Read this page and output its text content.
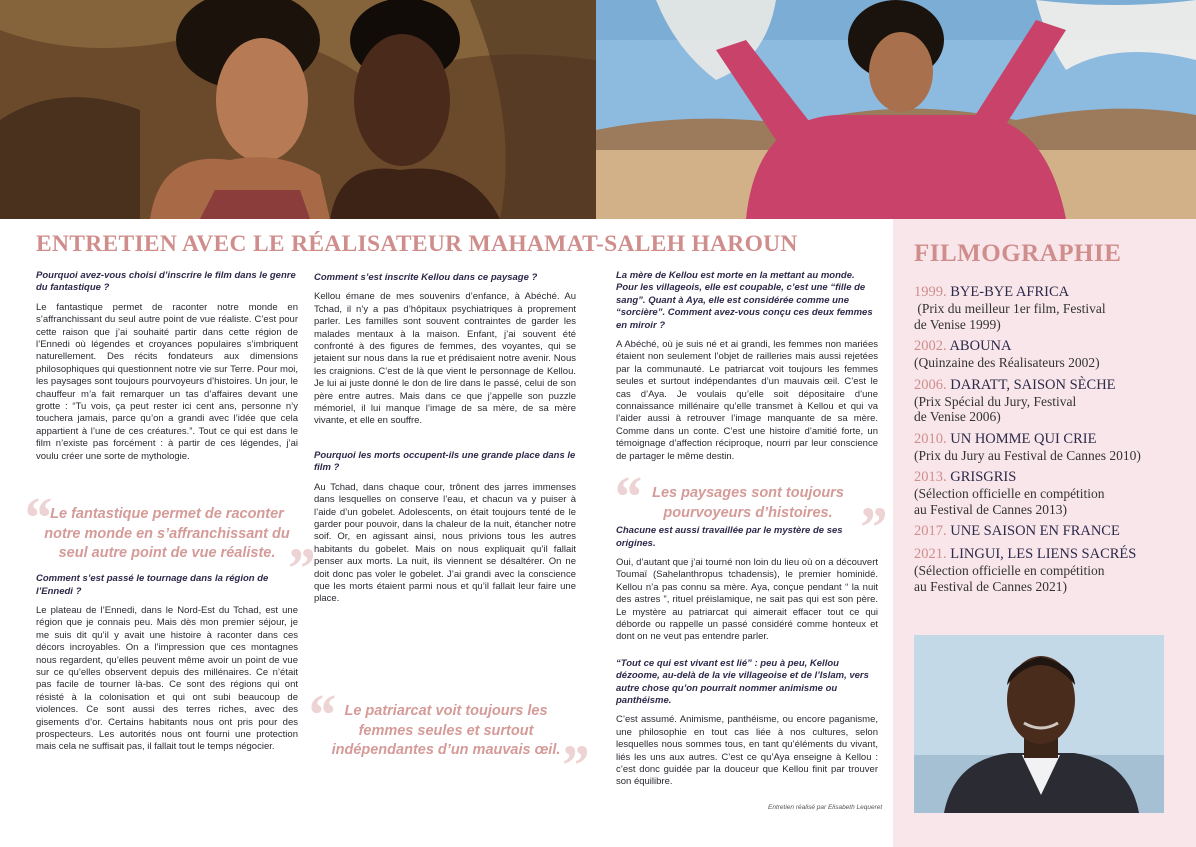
ENTRETIEN AVEC LE RÉALISATEUR MAHAMAT-SALEH HAROUN

Pourquoi avez-vous choisi d’inscrire le film dans le genre du fantastique ?

Le fantastique permet de raconter notre monde en s’affranchissant du seul autre point de vue réaliste. C’est pour cette raison que j’ai souhaité partir dans cette région de l’Ennedi où légendes et croyances populaires s’imbriquent naturellement. Des récits fondateurs aux dimensions philosophiques qui questionnent notre vie sur Terre. Pour moi, les paysages sont toujours pourvoyeurs d’histoires. Un jour, le chauffeur m’a fait remarquer un tas d’affaires devant une grotte : “Tu vois, ça peut rester ici cent ans, personne n’y touchera jamais, parce qu’on a grandi avec l’idée que cela appartient à l’une de ces créatures.”. Tout ce qui est dans le film n’existe pas forcément : à partir de ces légendes, j’ai voulu créer une sorte de mythologie.

Comment s’est passé le tournage dans la région de l’Ennedi ?

Le plateau de l’Ennedi, dans le Nord-Est du Tchad, est une région que je connais peu. Mais dès mon premier séjour, je me suis dit qu’il y avait une histoire à raconter dans ces décors incroyables. On a l’impression que ces montagnes nous regardent, qu’elles peuvent même avoir un point de vue sur ce qu’elles observent depuis des millénaires. Ce n’était pas facile de tourner là-bas. Ce sont des régions qui ont résisté à la colonisation et qui ont subi beaucoup de violences. Ce sont aussi des terres riches, avec des gisements d’or. Certains habitants nous ont pris pour des prospecteurs. Les autorités nous ont fourni une protection mais cela ne suffisait pas, il fallait tout le temps négocier.

Comment s’est inscrite Kellou dans ce paysage ?

Kellou émane de mes souvenirs d’enfance, à Abéché. Au Tchad, il n’y a pas d’hôpitaux psychiatriques à proprement parler. Les familles sont souvent contraintes de garder les malades mentaux à la maison. Enfant, j’ai souvent été confronté à des figures de femmes, des voyantes, qui se jetaient sur nous dans la rue et prédisaient notre avenir. Nous les craignions. C’est de là que vient le personnage de Kellou. Je lui ai juste donné le don de lire dans le passé, celui de son père entre autres. Mais dans ce que j’appelle son puzzle mémoriel, il lui manque l’image de sa mère, de sa mère vivante, et elle en souffre.

Pourquoi les morts occupent-ils une grande place dans le film ?

Au Tchad, dans chaque cour, trônent des jarres immenses dans lesquelles on conserve l’eau, et chacun va y puiser à l’aide d’un gobelet. Adolescents, on était toujours tenté de le garder pour pouvoir, dans la chaleur de la nuit, étancher notre soif. Or, en agissant ainsi, nous privions tous les autres habitants du gobelet. Mais on nous expliquait qu’il fallait penser aux morts. La nuit, ils viennent se désaltérer. On ne doit donc pas voler le gobelet. J’ai grandi avec la conscience que les morts étaient parmi nous et qu’il fallait leur faire une place.

La mère de Kellou est morte en la mettant au monde. Pour les villageois, elle est coupable, c’est une “fille de sang”. Quant à Aya, elle est considérée comme une “sorcière”. Comment avez-vous conçu ces deux femmes en miroir ?

A Abéché, où je suis né et ai grandi, les femmes non mariées étaient non seulement l’objet de railleries mais aussi rejetées par la communauté. Le patriarcat voit toujours les femmes seules et surtout indépendantes d’un mauvais œil. C’est le cas d’Aya. Je voulais qu’elle soit dépositaire d’une connaissance millénaire qu’elle transmet à Kellou et qui va l’aider aussi à retrouver l’image manquante de sa mère. Comme dans un conte. C’est une histoire d’amitié forte, un témoignage d’affection réciproque, nourri par leur conscience de partager le même destin.

Chacune est aussi travaillée par le mystère de ses origines.

Oui, d’autant que j’ai tourné non loin du lieu où on a découvert Toumaï (Sahelanthropus tchadensis), le premier hominidé. Kellou n’a pas connu sa mère. Aya, conçue pendant “ la nuit des astres ”, rituel préislamique, ne sait pas qui est son père. Le mystère au patriarcat qui aimerait effacer tout ce qui déborde ou rappelle un passé considéré comme honteux et dont on ne veut pas entendre parler.

“Tout ce qui est vivant est lié” : peu à peu, Kellou dézoome, au-delà de la vie villageoise et de l’Islam, vers autre chose qu’on pourrait nommer animisme ou panthéisme.

C’est assumé. Animisme, panthéisme, ou encore paganisme, une philosophie en tout cas liée à nos cultures, selon lesquelles nous sommes tous, en tant qu’éléments du vivant, liés les uns aux autres. C’est ce qu’Aya enseigne à Kellou : c’est donc guidée par la douceur que Kellou finit par trouver son équilibre.

“ Le fantastique permet de raconter notre monde en s’affranchissant du seul autre point de vue réaliste. ”
“ Le patriarcat voit toujours les femmes seules et surtout indépendantes d’un mauvais œil.
”
“ Les paysages sont toujours pourvoyeurs d’histoires. ”
Entretien réalisé par Elisabeth Lequeret
FILMOGRAPHIE
1999. BYE-BYE AFRICA
(Prix du meilleur 1er film, Festival
de Venise 1999)
2002. ABOUNA
(Quinzaine des Réalisateurs 2002)
2006. DARATT, SAISON SÈCHE
(Prix Spécial du Jury, Festival
de Venise 2006)
2010. UN HOMME QUI CRIE
(Prix du Jury au Festival de Cannes 2010)
2013. GRISGRIS
(Sélection officielle en compétition
au Festival de Cannes 2013)
2017. UNE SAISON EN FRANCE
2021. LINGUI, LES LIENS SACRÉS
(Sélection officielle en compétition
au Festival de Cannes 2021)
